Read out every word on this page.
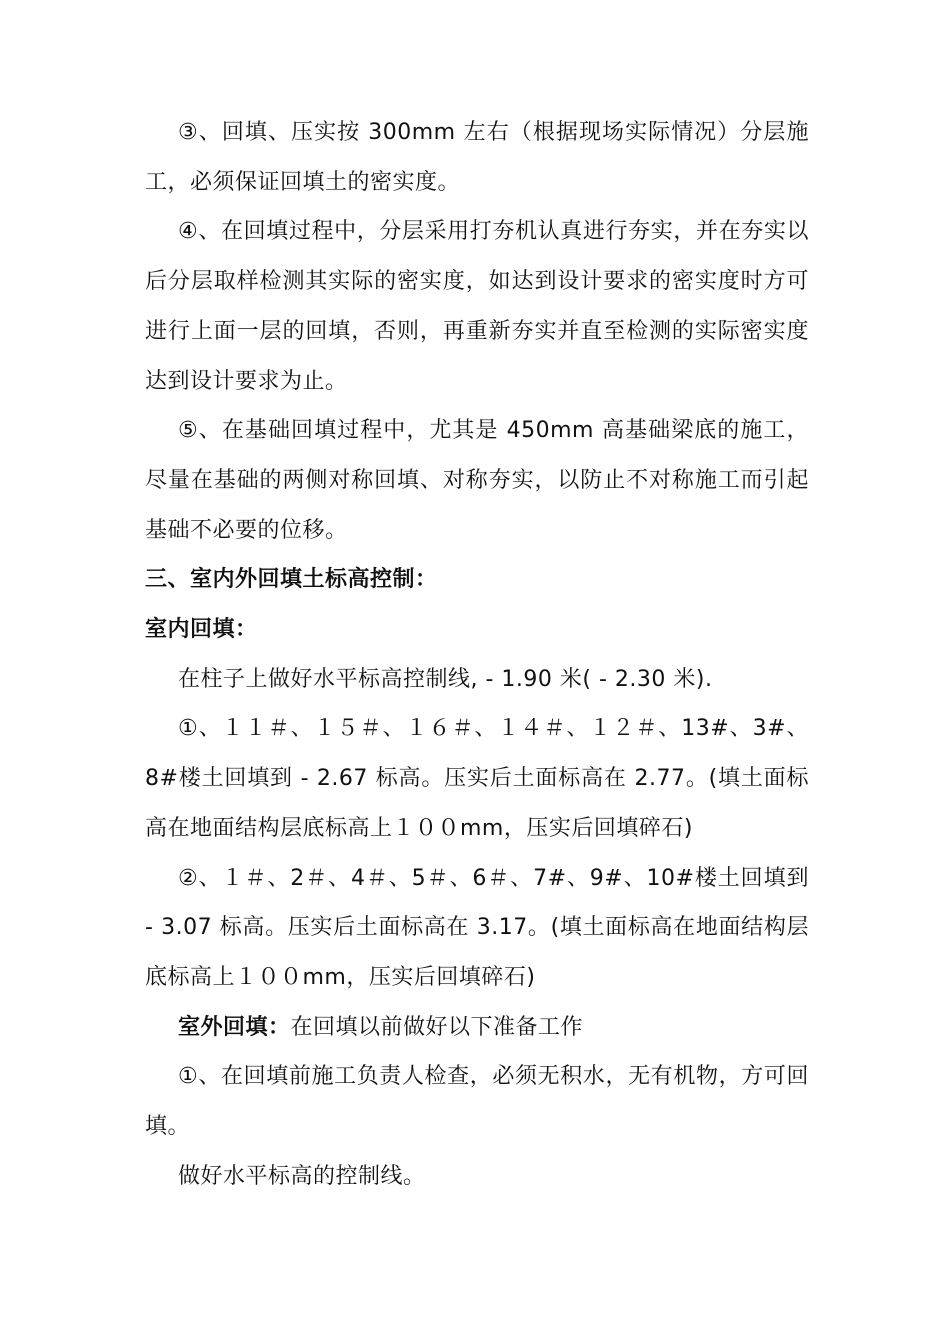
③、回填、压实按 300mm 左右（根据现场实际情况）分层施工，必须保证回填土的密实度。

④、在回填过程中，分层采用打夯机认真进行夯实，并在夯实以后分层取样检测其实际的密实度，如达到设计要求的密实度时方可进行上面一层的回填，否则，再重新夯实并直至检测的实际密实度达到设计要求为止。

⑤、在基础回填过程中，尤其是 450mm 高基础梁底的施工，尽量在基础的两侧对称回填、对称夯实，以防止不对称施工而引起基础不必要的位移。

三、室内外回填土标高控制：

室内回填：

在柱子上做好水平标高控制线, - 1.90 米( - 2.30 米).

①、１１＃、１５＃、１６＃、１４＃、１２＃、13#、3#、8#楼土回填到 - 2.67 标高。压实后土面标高在 2.77。(填土面标高在地面结构层底标高上１００mm，压实后回填碎石)

②、１＃、2＃、4＃、5＃、6＃、7#、9#、10#楼土回填到 - 3.07 标高。压实后土面标高在 3.17。(填土面标高在地面结构层底标高上１００mm，压实后回填碎石)

室外回填：在回填以前做好以下准备工作

①、在回填前施工负责人检查，必须无积水，无有机物，方可回填。

做好水平标高的控制线。
